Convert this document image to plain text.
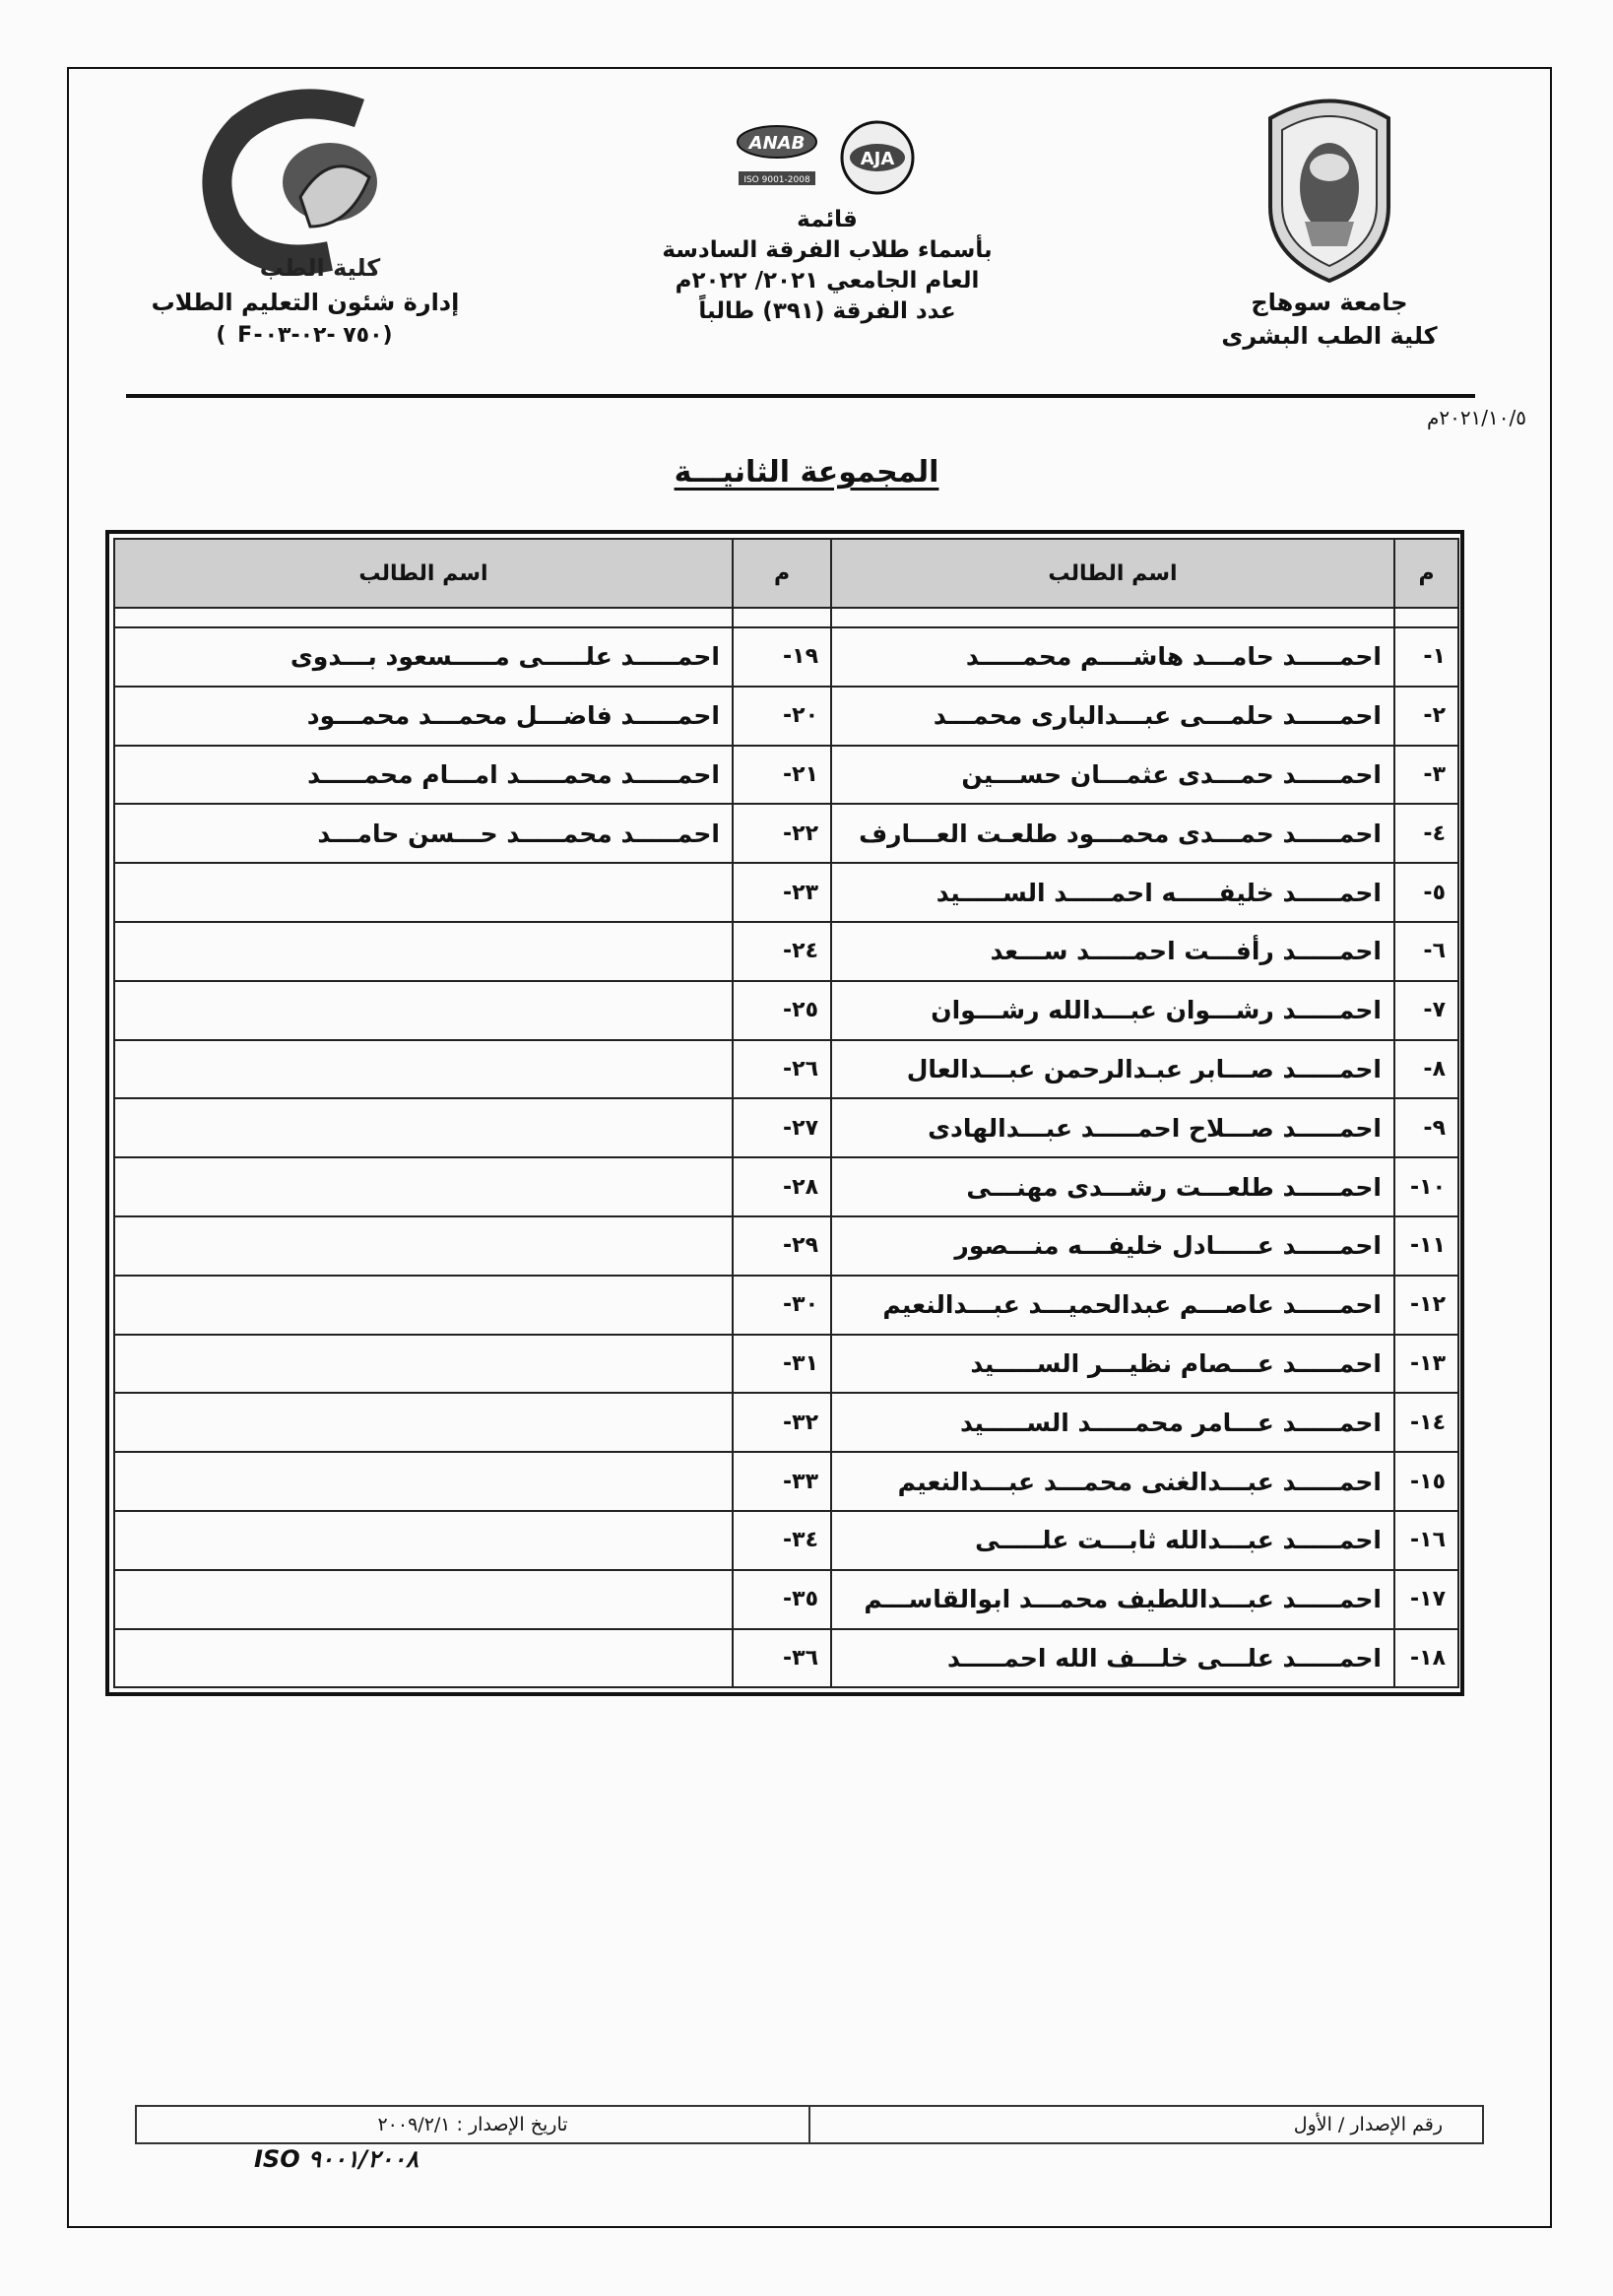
جامعة سوهاج
كلية الطب البشرى
ANAB
ISO 9001-2008
AJA
قائمة
بأسماء طلاب الفرقة السادسة
العام الجامعي ٢٠٢١/ ٢٠٢٢م
عدد الفرقة (٣٩١) طالباً
كلية الطب
إدارة شئون التعليم الطلاب
( F-٧٥٠ -٠٢-٠٣)
٢٠٢١/١٠/٥م
المجموعة الثانيـــة
م	اسم الطالب	م	اسم الطالب

١-	احمـــــد حامـــد هاشــــم محمـــــد	١٩-	احمـــــد علـــــى مـــــسعود بـــدوى
٢-	احمـــــد حلمـــى عبـــدالبارى محمـــد	٢٠-	احمـــــد فاضـــل محمـــد محمـــود
٣-	احمـــــد حمـــدى عثمـــان حســـين	٢١-	احمـــــد محمـــــد امـــام محمـــــد
٤-	احمـــــد حمـــدى محمـــود طلعـت العـــارف	٢٢-	احمـــــد محمـــــد حـــسن حامـــد
٥-	احمـــــد خليفـــــه احمـــــد الســـــيد	٢٣-	
٦-	احمـــــد رأفـــت احمـــــد ســـعد	٢٤-	
٧-	احمـــــد رشـــوان عبـــدالله رشـــوان	٢٥-	
٨-	احمـــــد صـــابر عبـدالرحمن عبـــدالعال	٢٦-	
٩-	احمـــــد صـــلاح احمـــــد عبـــدالهادى	٢٧-	
١٠-	احمـــــد طلعـــت رشـــدى مهنـــى	٢٨-	
١١-	احمـــــد عـــــادل خليفـــه منـــصور	٢٩-	
١٢-	احمـــــد عاصـــم عبدالحميـــد عبـــدالنعيم	٣٠-	
١٣-	احمـــــد عـــصام نظيـــر الســـــيد	٣١-	
١٤-	احمـــــد عـــامر محمـــــد الســـــيد	٣٢-	
١٥-	احمـــــد عبـــدالغنى محمـــد عبـــدالنعيم	٣٣-	
١٦-	احمـــــد عبـــدالله ثابـــت علـــــى	٣٤-	
١٧-	احمـــــد عبـــداللطيف محمـــد ابوالقاســـم	٣٥-	
١٨-	احمـــــد علـــى خلـــف الله احمـــــد	٣٦-	
رقم الإصدار / الأول
تاريخ الإصدار : ٢٠٠٩/٢/١
ISO ٩٠٠١/٢٠٠٨
